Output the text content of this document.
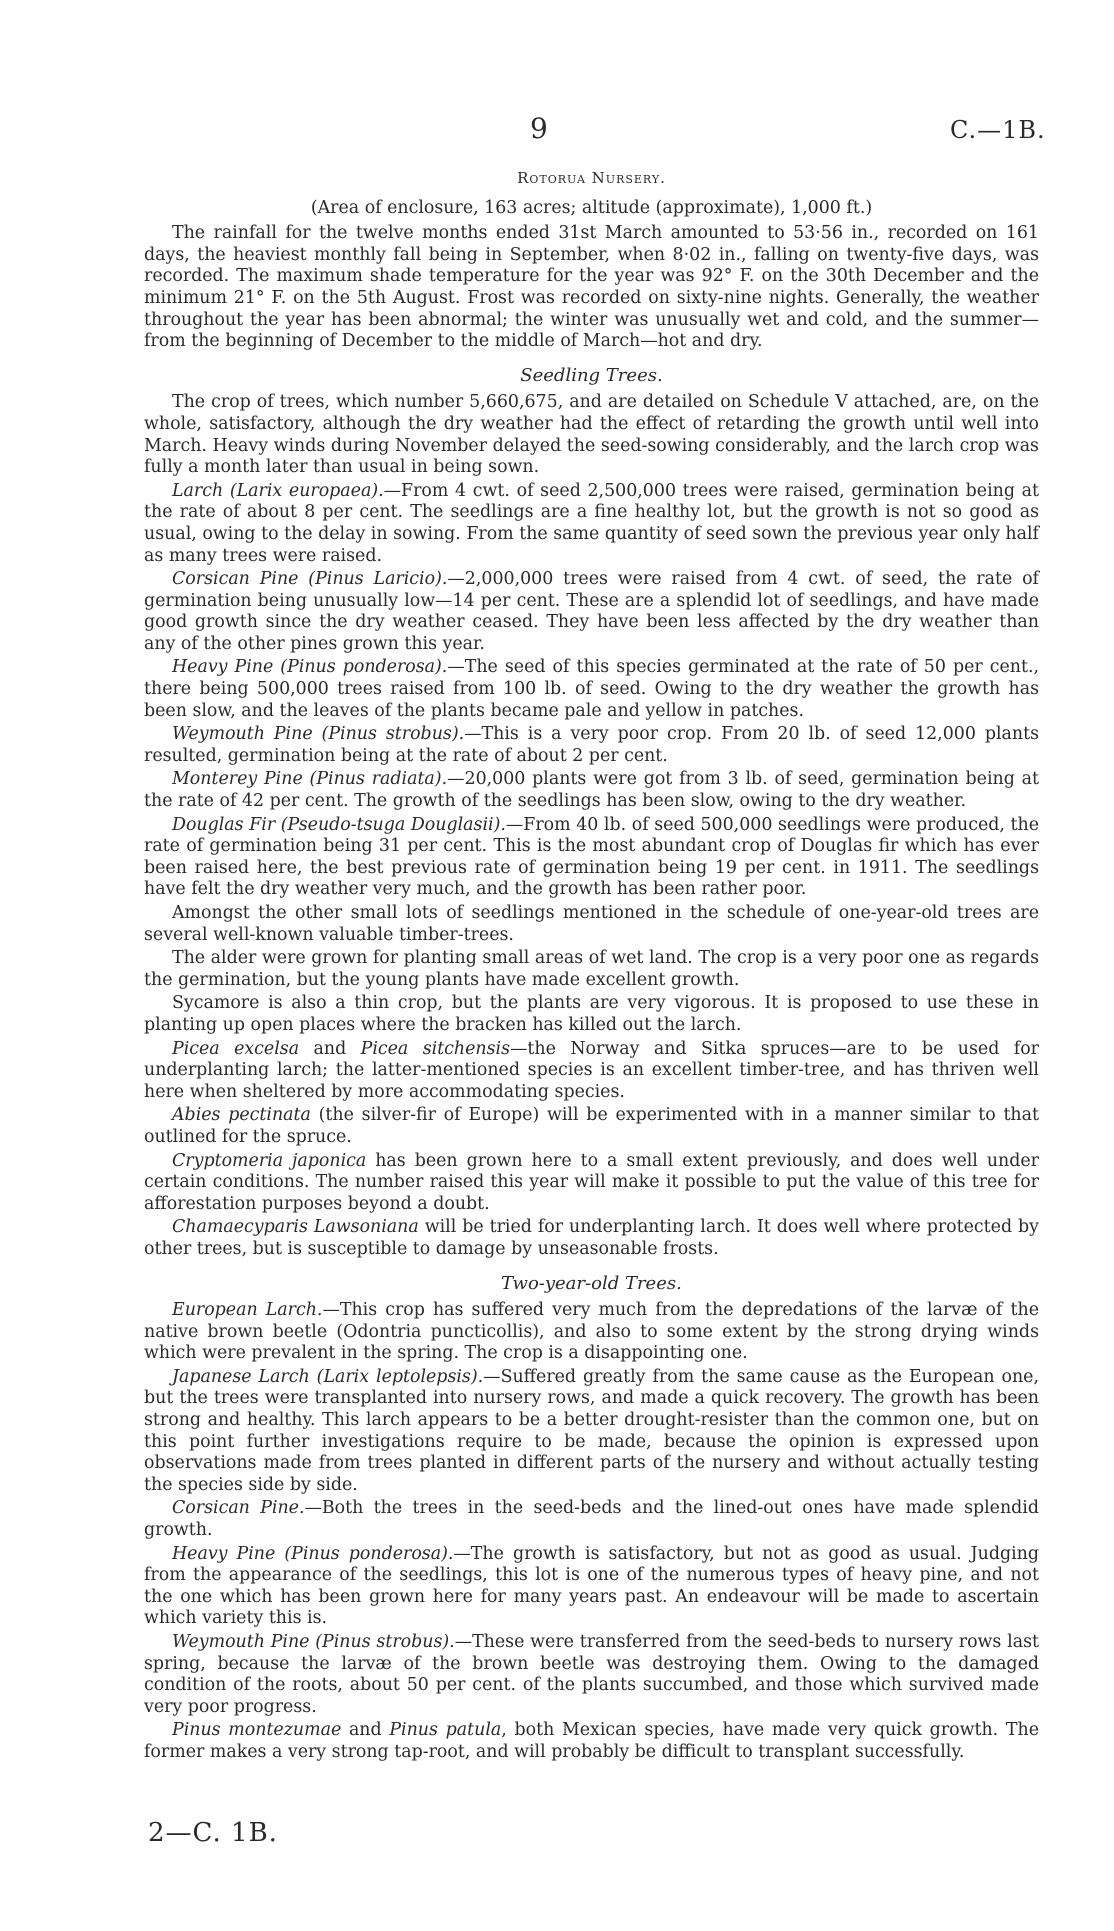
9	C.—1B.
Rotorua Nursery.
(Area of enclosure, 163 acres; altitude (approximate), 1,000 ft.)

The rainfall for the twelve months ended 31st March amounted to 53·56 in., recorded on 161 days, the heaviest monthly fall being in September, when 8·02 in., falling on twenty-five days, was recorded. The maximum shade temperature for the year was 92° F. on the 30th December and the minimum 21° F. on the 5th August. Frost was recorded on sixty-nine nights. Generally, the weather throughout the year has been abnormal; the winter was unusually wet and cold, and the summer—from the beginning of December to the middle of March—hot and dry.

Seedling Trees.

The crop of trees, which number 5,660,675, and are detailed on Schedule V attached, are, on the whole, satisfactory, although the dry weather had the effect of retarding the growth until well into March. Heavy winds during November delayed the seed-sowing considerably, and the larch crop was fully a month later than usual in being sown.

Larch (Larix europaea).—From 4 cwt. of seed 2,500,000 trees were raised, germination being at the rate of about 8 per cent. The seedlings are a fine healthy lot, but the growth is not so good as usual, owing to the delay in sowing. From the same quantity of seed sown the previous year only half as many trees were raised.

Corsican Pine (Pinus Laricio).—2,000,000 trees were raised from 4 cwt. of seed, the rate of germination being unusually low—14 per cent. These are a splendid lot of seedlings, and have made good growth since the dry weather ceased. They have been less affected by the dry weather than any of the other pines grown this year.

Heavy Pine (Pinus ponderosa).—The seed of this species germinated at the rate of 50 per cent., there being 500,000 trees raised from 100 lb. of seed. Owing to the dry weather the growth has been slow, and the leaves of the plants became pale and yellow in patches.

Weymouth Pine (Pinus strobus).—This is a very poor crop. From 20 lb. of seed 12,000 plants resulted, germination being at the rate of about 2 per cent.

Monterey Pine (Pinus radiata).—20,000 plants were got from 3 lb. of seed, germination being at the rate of 42 per cent. The growth of the seedlings has been slow, owing to the dry weather.

Douglas Fir (Pseudo-tsuga Douglasii).—From 40 lb. of seed 500,000 seedlings were produced, the rate of germination being 31 per cent. This is the most abundant crop of Douglas fir which has ever been raised here, the best previous rate of germination being 19 per cent. in 1911. The seedlings have felt the dry weather very much, and the growth has been rather poor.

Amongst the other small lots of seedlings mentioned in the schedule of one-year-old trees are several well-known valuable timber-trees.

The alder were grown for planting small areas of wet land. The crop is a very poor one as regards the germination, but the young plants have made excellent growth.

Sycamore is also a thin crop, but the plants are very vigorous. It is proposed to use these in planting up open places where the bracken has killed out the larch.

Picea excelsa and Picea sitchensis—the Norway and Sitka spruces—are to be used for underplanting larch; the latter-mentioned species is an excellent timber-tree, and has thriven well here when sheltered by more accommodating species.

Abies pectinata (the silver-fir of Europe) will be experimented with in a manner similar to that outlined for the spruce.

Cryptomeria japonica has been grown here to a small extent previously, and does well under certain conditions. The number raised this year will make it possible to put the value of this tree for afforestation purposes beyond a doubt.

Chamaecyparis Lawsoniana will be tried for underplanting larch. It does well where protected by other trees, but is susceptible to damage by unseasonable frosts.

Two-year-old Trees.

European Larch.—This crop has suffered very much from the depredations of the larvæ of the native brown beetle (Odontria puncticollis), and also to some extent by the strong drying winds which were prevalent in the spring. The crop is a disappointing one.

Japanese Larch (Larix leptolepsis).—Suffered greatly from the same cause as the European one, but the trees were transplanted into nursery rows, and made a quick recovery. The growth has been strong and healthy. This larch appears to be a better drought-resister than the common one, but on this point further investigations require to be made, because the opinion is expressed upon observations made from trees planted in different parts of the nursery and without actually testing the species side by side.

Corsican Pine.—Both the trees in the seed-beds and the lined-out ones have made splendid growth.

Heavy Pine (Pinus ponderosa).—The growth is satisfactory, but not as good as usual. Judging from the appearance of the seedlings, this lot is one of the numerous types of heavy pine, and not the one which has been grown here for many years past. An endeavour will be made to ascertain which variety this is.

Weymouth Pine (Pinus strobus).—These were transferred from the seed-beds to nursery rows last spring, because the larvæ of the brown beetle was destroying them. Owing to the damaged condition of the roots, about 50 per cent. of the plants succumbed, and those which survived made very poor progress.

Pinus montezumae and Pinus patula, both Mexican species, have made very quick growth. The former makes a very strong tap-root, and will probably be difficult to transplant successfully.

2—C. 1B.
